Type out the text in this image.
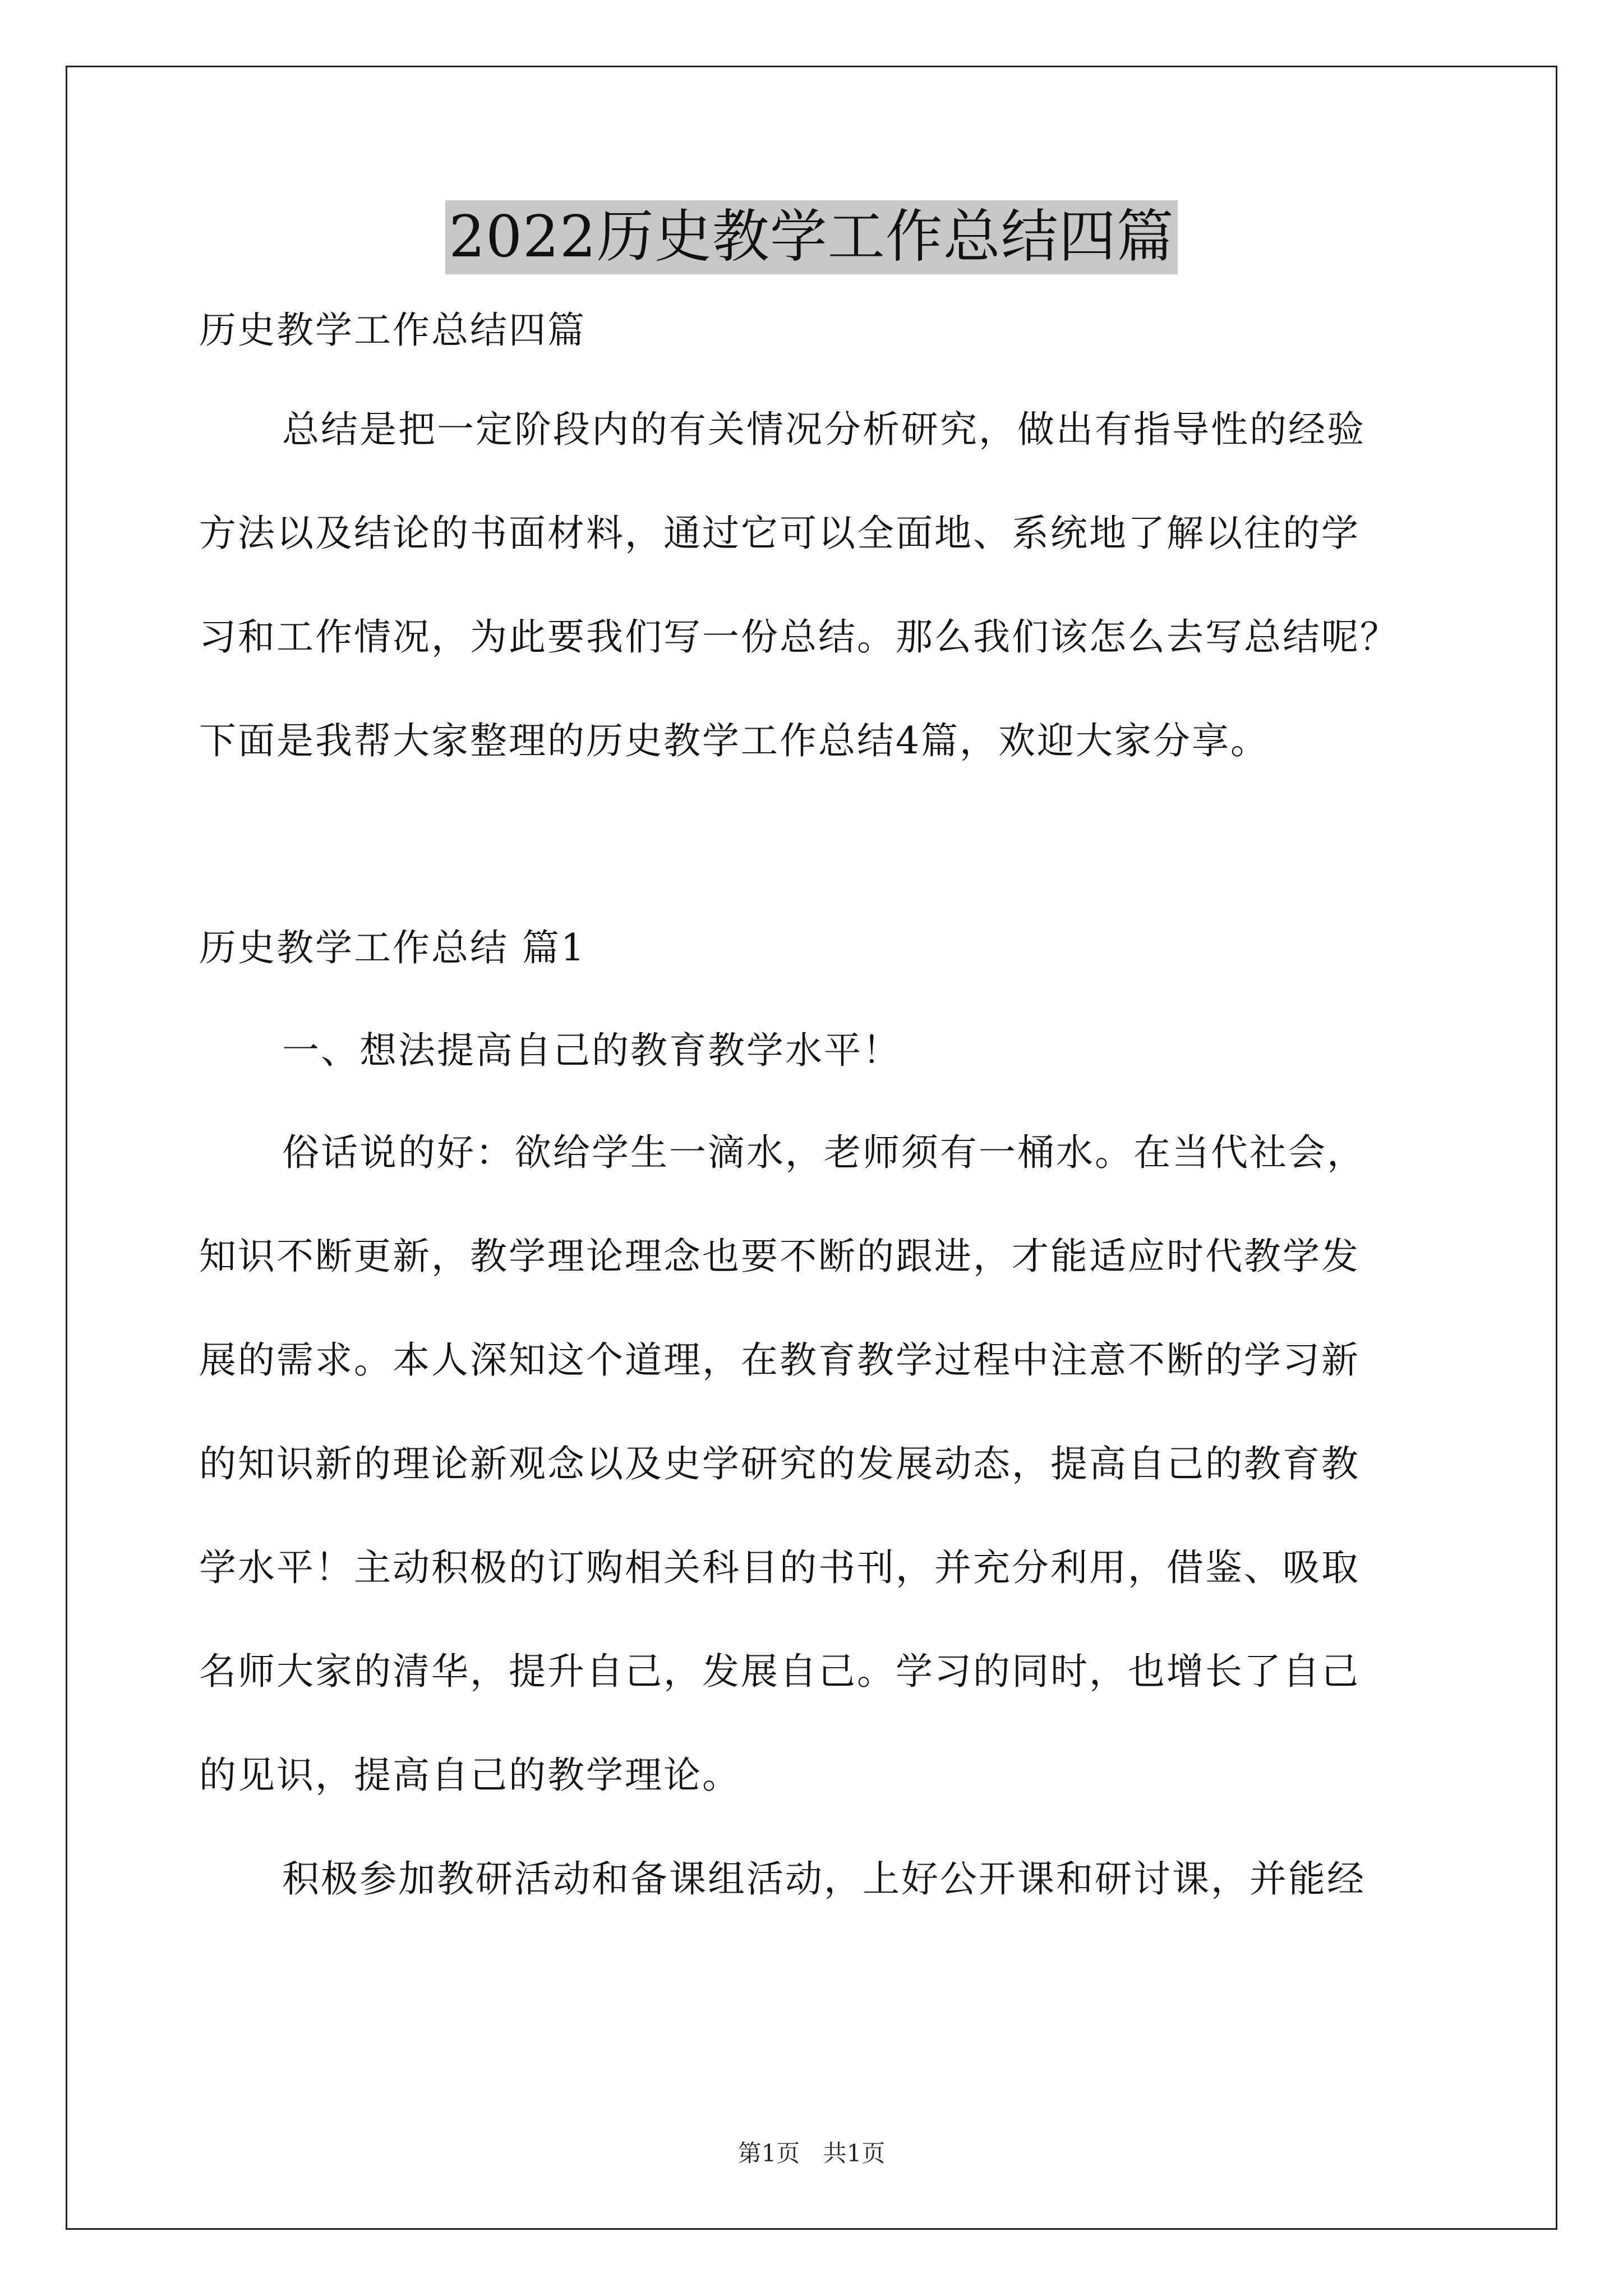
2022历史教学工作总结四篇
历史教学工作总结四篇
总结是把一定阶段内的有关情况分析研究，做出有指导性的经验
方法以及结论的书面材料，通过它可以全面地、系统地了解以往的学
习和工作情况，为此要我们写一份总结。那么我们该怎么去写总结呢？
下面是我帮大家整理的历史教学工作总结4篇，欢迎大家分享。
历史教学工作总结 篇1
一、想法提高自己的教育教学水平！
俗话说的好：欲给学生一滴水，老师须有一桶水。在当代社会，
知识不断更新，教学理论理念也要不断的跟进，才能适应时代教学发
展的需求。本人深知这个道理，在教育教学过程中注意不断的学习新
的知识新的理论新观念以及史学研究的发展动态，提高自己的教育教
学水平！主动积极的订购相关科目的书刊，并充分利用，借鉴、吸取
名师大家的清华，提升自己，发展自己。学习的同时，也增长了自己
的见识，提高自己的教学理论。
积极参加教研活动和备课组活动，上好公开课和研讨课，并能经
第1页 共1页
